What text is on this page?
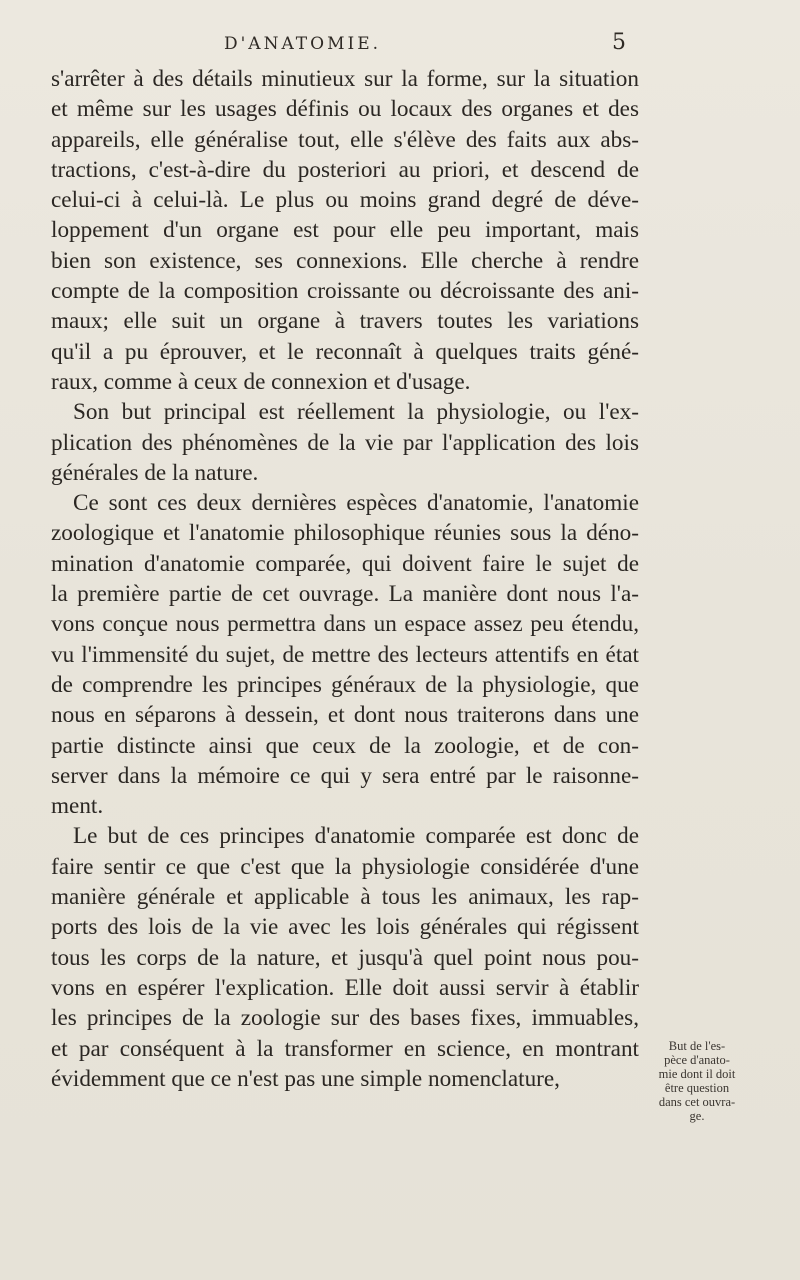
D'ANATOMIE.	5
s'arrêter à des détails minutieux sur la forme, sur la situation
et même sur les usages définis ou locaux des organes et des
appareils, elle généralise tout, elle s'élève des faits aux abs-
tractions, c'est-à-dire du posteriori au priori, et descend de
celui-ci à celui-là. Le plus ou moins grand degré de déve-
loppement d'un organe est pour elle peu important, mais
bien son existence, ses connexions. Elle cherche à rendre
compte de la composition croissante ou décroissante des ani-
maux; elle suit un organe à travers toutes les variations
qu'il a pu éprouver, et le reconnaît à quelques traits géné-
raux, comme à ceux de connexion et d'usage.
Son but principal est réellement la physiologie, ou l'ex-
plication des phénomènes de la vie par l'application des lois
générales de la nature.
Ce sont ces deux dernières espèces d'anatomie, l'anatomie
zoologique et l'anatomie philosophique réunies sous la déno-
mination d'anatomie comparée, qui doivent faire le sujet de
la première partie de cet ouvrage. La manière dont nous l'a-
vons conçue nous permettra dans un espace assez peu étendu,
vu l'immensité du sujet, de mettre des lecteurs attentifs en état
de comprendre les principes généraux de la physiologie, que
nous en séparons à dessein, et dont nous traiterons dans une
partie distincte ainsi que ceux de la zoologie, et de con-
server dans la mémoire ce qui y sera entré par le raisonne-
ment.
Le but de ces principes d'anatomie comparée est donc de
faire sentir ce que c'est que la physiologie considérée d'une
manière générale et applicable à tous les animaux, les rap-
ports des lois de la vie avec les lois générales qui régissent
tous les corps de la nature, et jusqu'à quel point nous pou-
vons en espérer l'explication. Elle doit aussi servir à établir
les principes de la zoologie sur des bases fixes, immuables,
et par conséquent à la transformer en science, en montrant
évidemment que ce n'est pas une simple nomenclature,
But de l'es-
pèce d'anato-
mie dont il doit
être question
dans cet ouvra-
ge.
